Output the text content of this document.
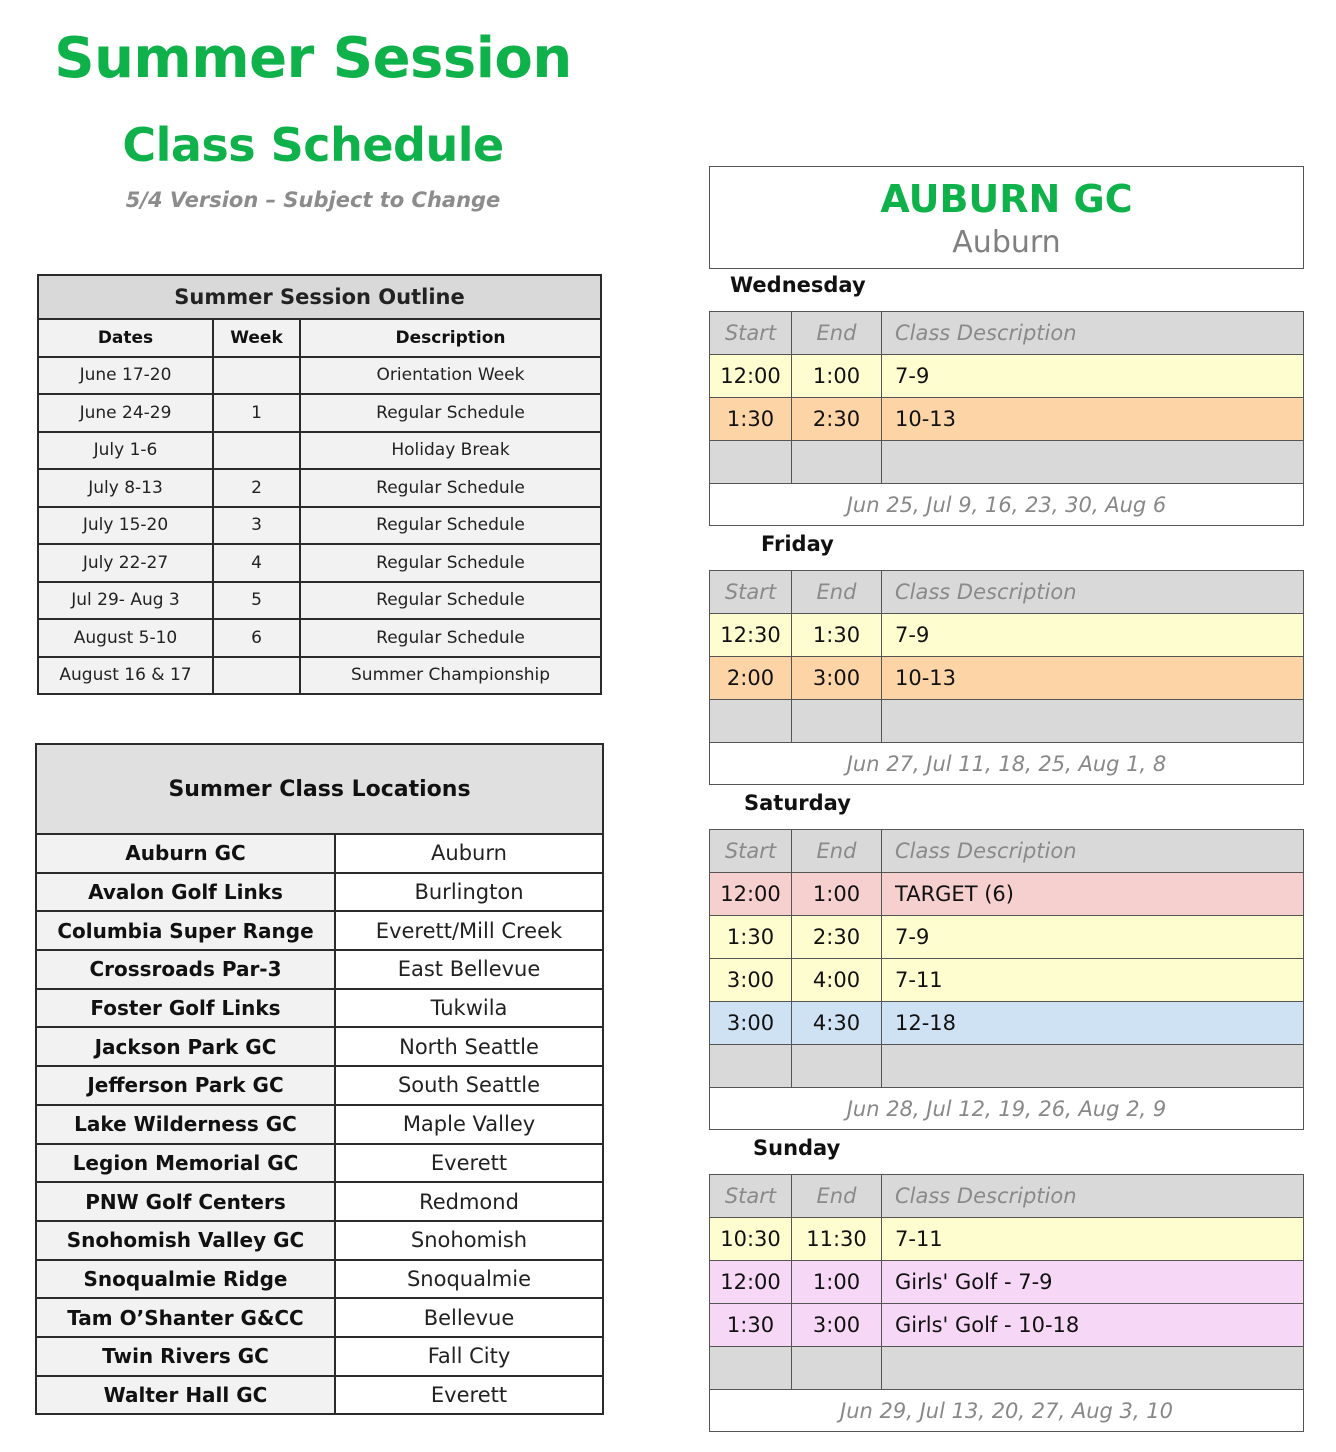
Summer Session
Class Schedule
5/4 Version – Subject to Change
Summer Session Outline		
Dates	Week	Description
June 17-20		Orientation Week
June 24-29	1	Regular Schedule
July 1-6		Holiday Break
July 8-13	2	Regular Schedule
July 15-20	3	Regular Schedule
July 22-27	4	Regular Schedule
Jul 29- Aug 3	5	Regular Schedule
August 5-10	6	Regular Schedule
August 16 & 17		Summer Championship
Summer Class Locations	
Auburn GC	Auburn
Avalon Golf Links	Burlington
Columbia Super Range	Everett/Mill Creek
Crossroads Par-3	East Bellevue
Foster Golf Links	Tukwila
Jackson Park GC	North Seattle
Jefferson Park GC	South Seattle
Lake Wilderness GC	Maple Valley
Legion Memorial GC	Everett
PNW Golf Centers	Redmond
Snohomish Valley GC	Snohomish
Snoqualmie Ridge	Snoqualmie
Tam O’Shanter G&CC	Bellevue
Twin Rivers GC	Fall City
Walter Hall GC	Everett
AUBURN GC
Auburn
Wednesday
Start	End	Class Description
12:00	1:00	7-9
1:30	2:30	10-13

Jun 25, Jul 9, 16, 23, 30, Aug 6		
Friday
Start	End	Class Description
12:30	1:30	7-9
2:00	3:00	10-13

Jun 27, Jul 11, 18, 25, Aug 1, 8		
Saturday
Start	End	Class Description
12:00	1:00	TARGET (6)
1:30	2:30	7-9
3:00	4:00	7-11
3:00	4:30	12-18

Jun 28, Jul 12, 19, 26, Aug 2, 9		
Sunday
Start	End	Class Description
10:30	11:30	7-11
12:00	1:00	Girls' Golf - 7-9
1:30	3:00	Girls' Golf - 10-18

Jun 29, Jul 13, 20, 27, Aug 3, 10		
